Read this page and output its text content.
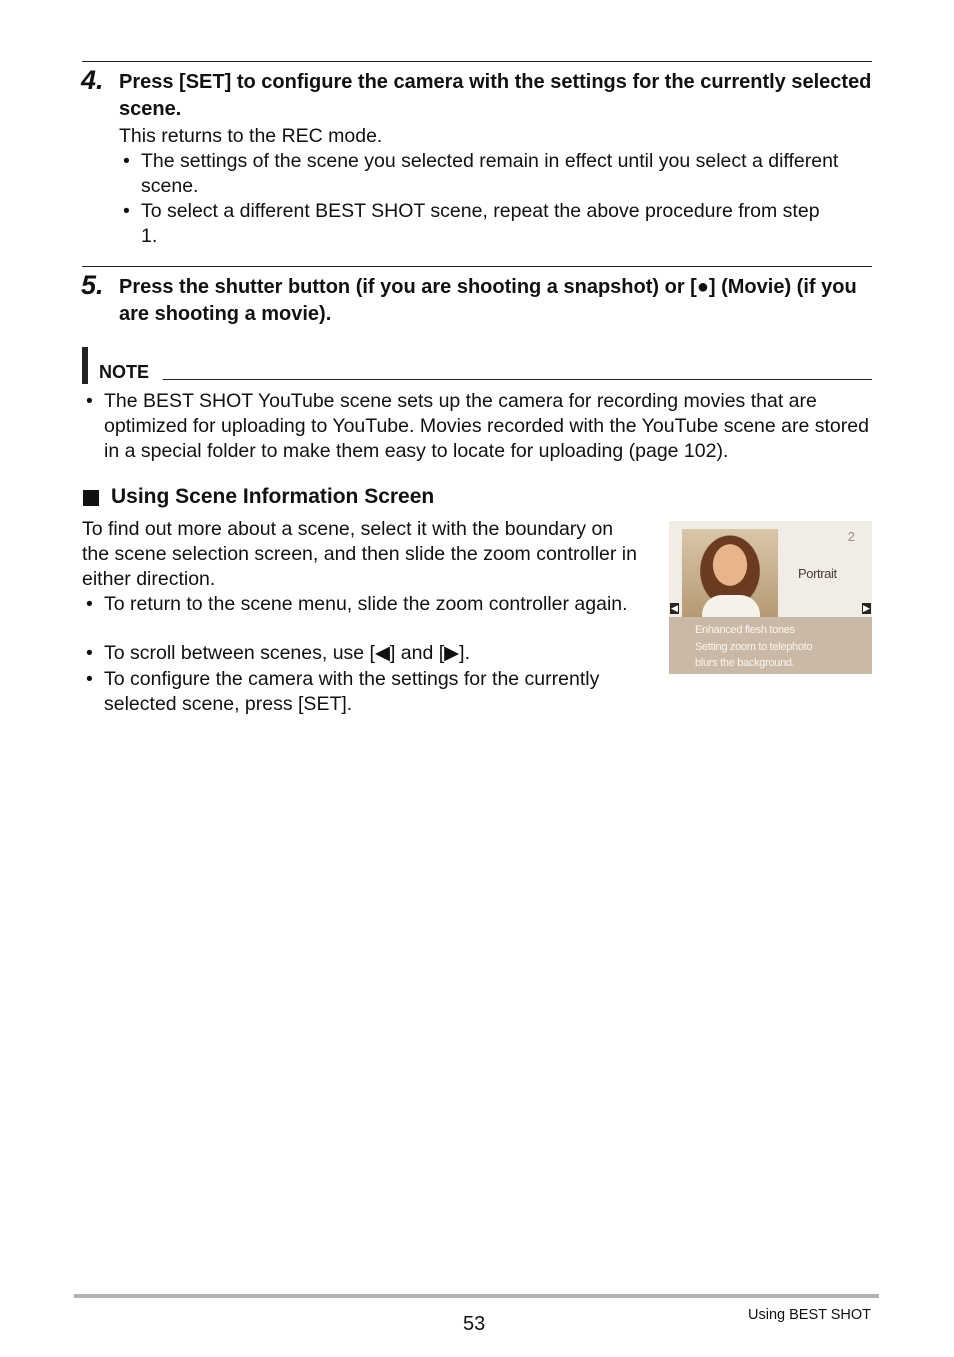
4. Press [SET] to configure the camera with the settings for the currently selected scene.
This returns to the REC mode.
• The settings of the scene you selected remain in effect until you select a different scene.
• To select a different BEST SHOT scene, repeat the above procedure from step 1.
5. Press the shutter button (if you are shooting a snapshot) or [●] (Movie) (if you are shooting a movie).
NOTE
• The BEST SHOT YouTube scene sets up the camera for recording movies that are optimized for uploading to YouTube. Movies recorded with the YouTube scene are stored in a special folder to make them easy to locate for uploading (page 102).
Using Scene Information Screen
To find out more about a scene, select it with the boundary on the scene selection screen, and then slide the zoom controller in either direction.
• To return to the scene menu, slide the zoom controller again.
• To scroll between scenes, use [◀] and [▶].
• To configure the camera with the settings for the currently selected scene, press [SET].
2
Portrait
◀	▶
Enhanced flesh tones
Setting zoom to telephoto
blurs the background.
53	Using BEST SHOT
